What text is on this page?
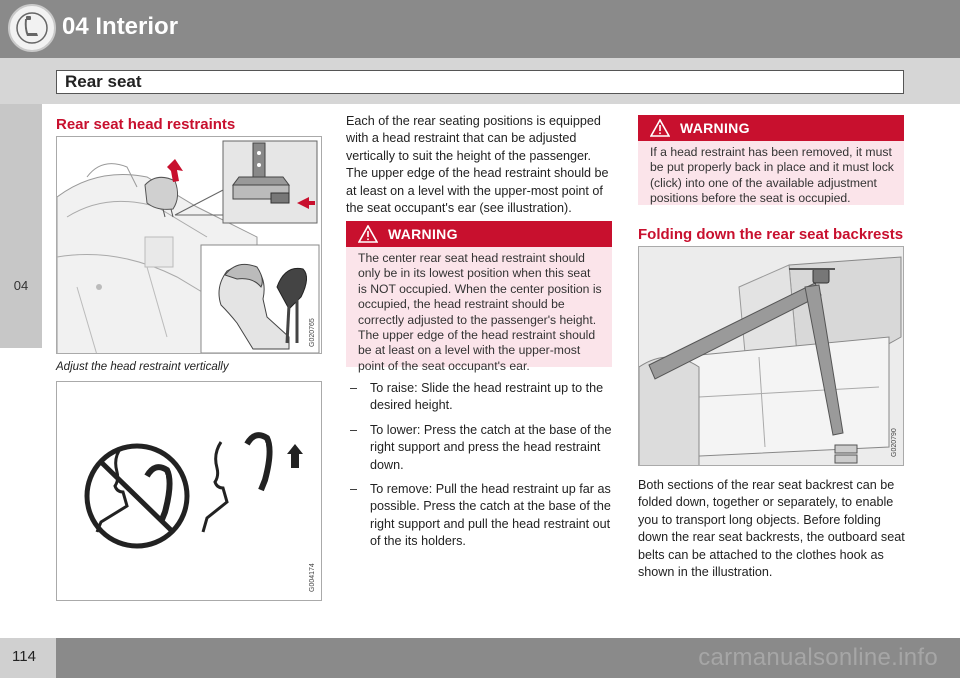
04 Interior
Rear seat
04
Rear seat head restraints
G020765
Adjust the head restraint vertically
G004174
Each of the rear seating positions is equipped with a head restraint that can be adjusted vertically to suit the height of the passenger. The upper edge of the head restraint should be at least on a level with the upper-most point of the seat occupant's ear (see illustration).
WARNING
The center rear seat head restraint should only be in its lowest position when this seat is NOT occupied. When the center position is occupied, the head restraint should be correctly adjusted to the passenger's height. The upper edge of the head restraint should be at least on a level with the upper-most point of the seat occupant's ear.
– To raise: Slide the head restraint up to the desired height.
– To lower: Press the catch at the base of the right support and press the head restraint down.
– To remove: Pull the head restraint up far as possible. Press the catch at the base of the right support and pull the head restraint out of the its holders.
WARNING
If a head restraint has been removed, it must be put properly back in place and it must lock (click) into one of the available adjustment positions before the seat is occupied.
Folding down the rear seat backrests
G020790
Both sections of the rear seat backrest can be folded down, together or separately, to enable you to transport long objects. Before folding down the rear seat backrests, the outboard seat belts can be attached to the clothes hook as shown in the illustration.
114	carmanualsonline.info
